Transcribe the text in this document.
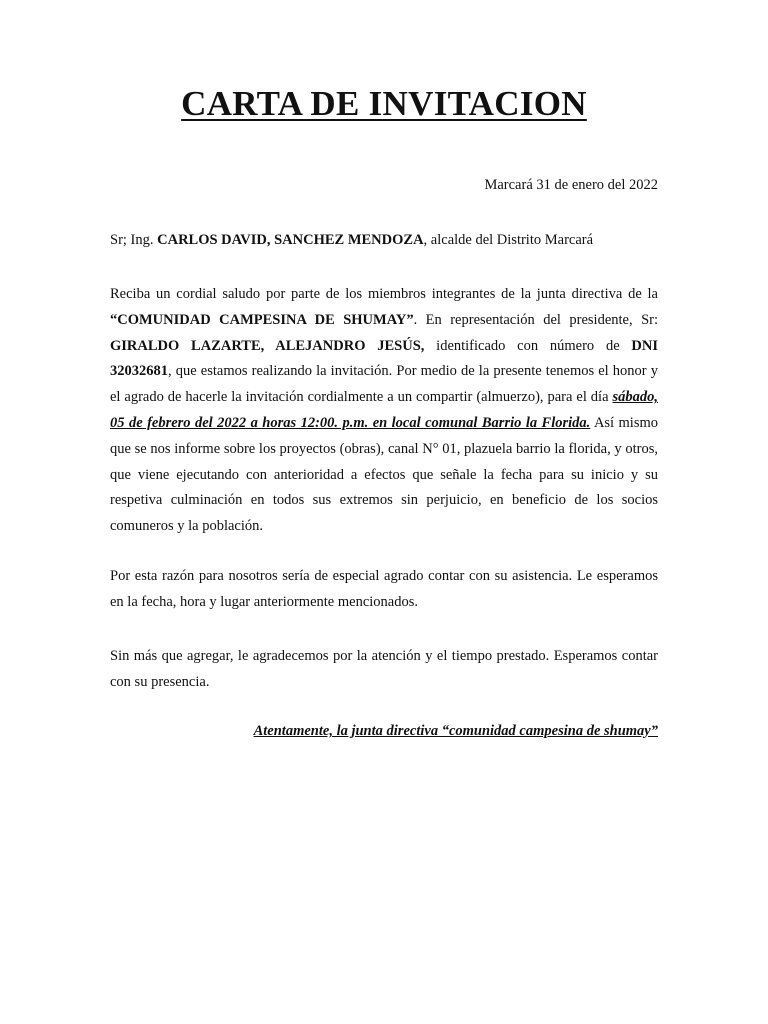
CARTA DE INVITACION

Marcará 31 de enero del 2022

Sr; Ing. CARLOS DAVID, SANCHEZ MENDOZA, alcalde del Distrito Marcará

Reciba un cordial saludo por parte de los miembros integrantes de la junta directiva de la “COMUNIDAD CAMPESINA DE SHUMAY”. En representación del presidente, Sr: GIRALDO LAZARTE, ALEJANDRO JESÚS, identificado con número de DNI 32032681, que estamos realizando la invitación. Por medio de la presente tenemos el honor y el agrado de hacerle la invitación cordialmente a un compartir (almuerzo), para el día sábado, 05 de febrero del 2022 a horas 12:00. p.m. en local comunal Barrio la Florida. Así mismo que se nos informe sobre los proyectos (obras), canal N° 01, plazuela barrio la florida, y otros, que viene ejecutando con anterioridad a efectos que señale la fecha para su inicio y su respetiva culminación en todos sus extremos sin perjuicio, en beneficio de los socios comuneros y la población.

Por esta razón para nosotros sería de especial agrado contar con su asistencia. Le esperamos en la fecha, hora y lugar anteriormente mencionados.

Sin más que agregar, le agradecemos por la atención y el tiempo prestado. Esperamos contar con su presencia.

Atentamente, la junta directiva “comunidad campesina de shumay”
